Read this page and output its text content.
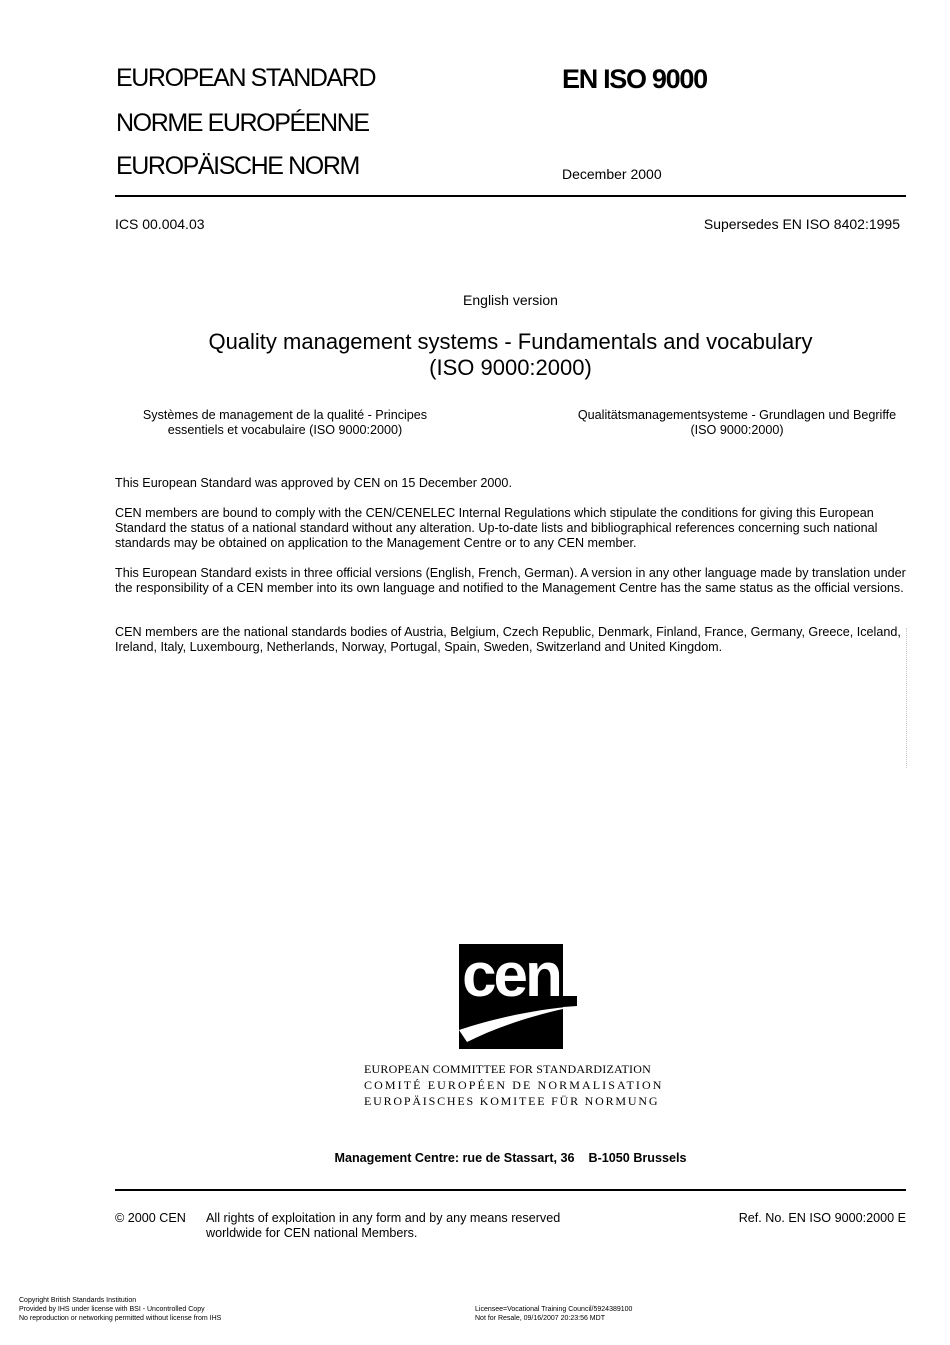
EUROPEAN STANDARD
NORME EUROPÉENNE
EUROPÄISCHE NORM
EN ISO 9000
December 2000
ICS 00.004.03	Supersedes EN ISO 8402:1995
English version
Quality management systems - Fundamentals and vocabulary
(ISO 9000:2000)
Systèmes de management de la qualité - Principes
essentiels et vocabulaire (ISO 9000:2000)
Qualitätsmanagementsysteme - Grundlagen und Begriffe
(ISO 9000:2000)
This European Standard was approved by CEN on 15 December 2000.
CEN members are bound to comply with the CEN/CENELEC Internal Regulations which stipulate the conditions for giving this European Standard the status of a national standard without any alteration. Up-to-date lists and bibliographical references concerning such national standards may be obtained on application to the Management Centre or to any CEN member.
This European Standard exists in three official versions (English, French, German). A version in any other language made by translation under the responsibility of a CEN member into its own language and notified to the Management Centre has the same status as the official versions.
CEN members are the national standards bodies of Austria, Belgium, Czech Republic, Denmark, Finland, France, Germany, Greece, Iceland, Ireland, Italy, Luxembourg, Netherlands, Norway, Portugal, Spain, Sweden, Switzerland and United Kingdom.
cen
EUROPEAN COMMITTEE FOR STANDARDIZATION
COMITÉ EUROPÉEN DE NORMALISATION
EUROPÄISCHES KOMITEE FÜR NORMUNG
Management Centre: rue de Stassart, 36    B-1050 Brussels
© 2000 CEN All rights of exploitation in any form and by any means reserved
worldwide for CEN national Members.
Ref. No. EN ISO 9000:2000 E
Copyright British Standards Institution
Provided by IHS under license with BSI - Uncontrolled Copy
No reproduction or networking permitted without license from IHS
Licensee=Vocational Training Council/5924389100
Not for Resale, 09/16/2007 20:23:56 MDT
